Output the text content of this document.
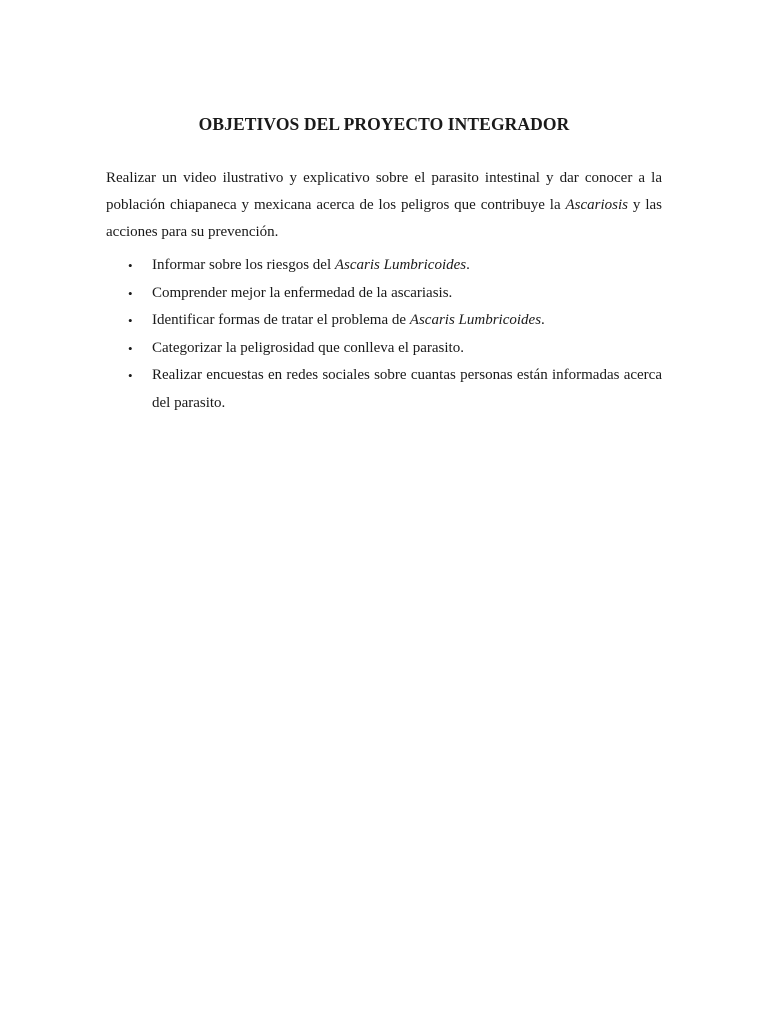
OBJETIVOS DEL PROYECTO INTEGRADOR

Realizar un video ilustrativo y explicativo sobre el parasito intestinal y dar conocer a la población chiapaneca y mexicana acerca de los peligros que contribuye la Ascariosis y las acciones para su prevención.

• Informar sobre los riesgos del Ascaris Lumbricoides.
• Comprender mejor la enfermedad de la ascariasis.
• Identificar formas de tratar el problema de Ascaris Lumbricoides.
• Categorizar la peligrosidad que conlleva el parasito.
• Realizar encuestas en redes sociales sobre cuantas personas están informadas acerca del parasito.
